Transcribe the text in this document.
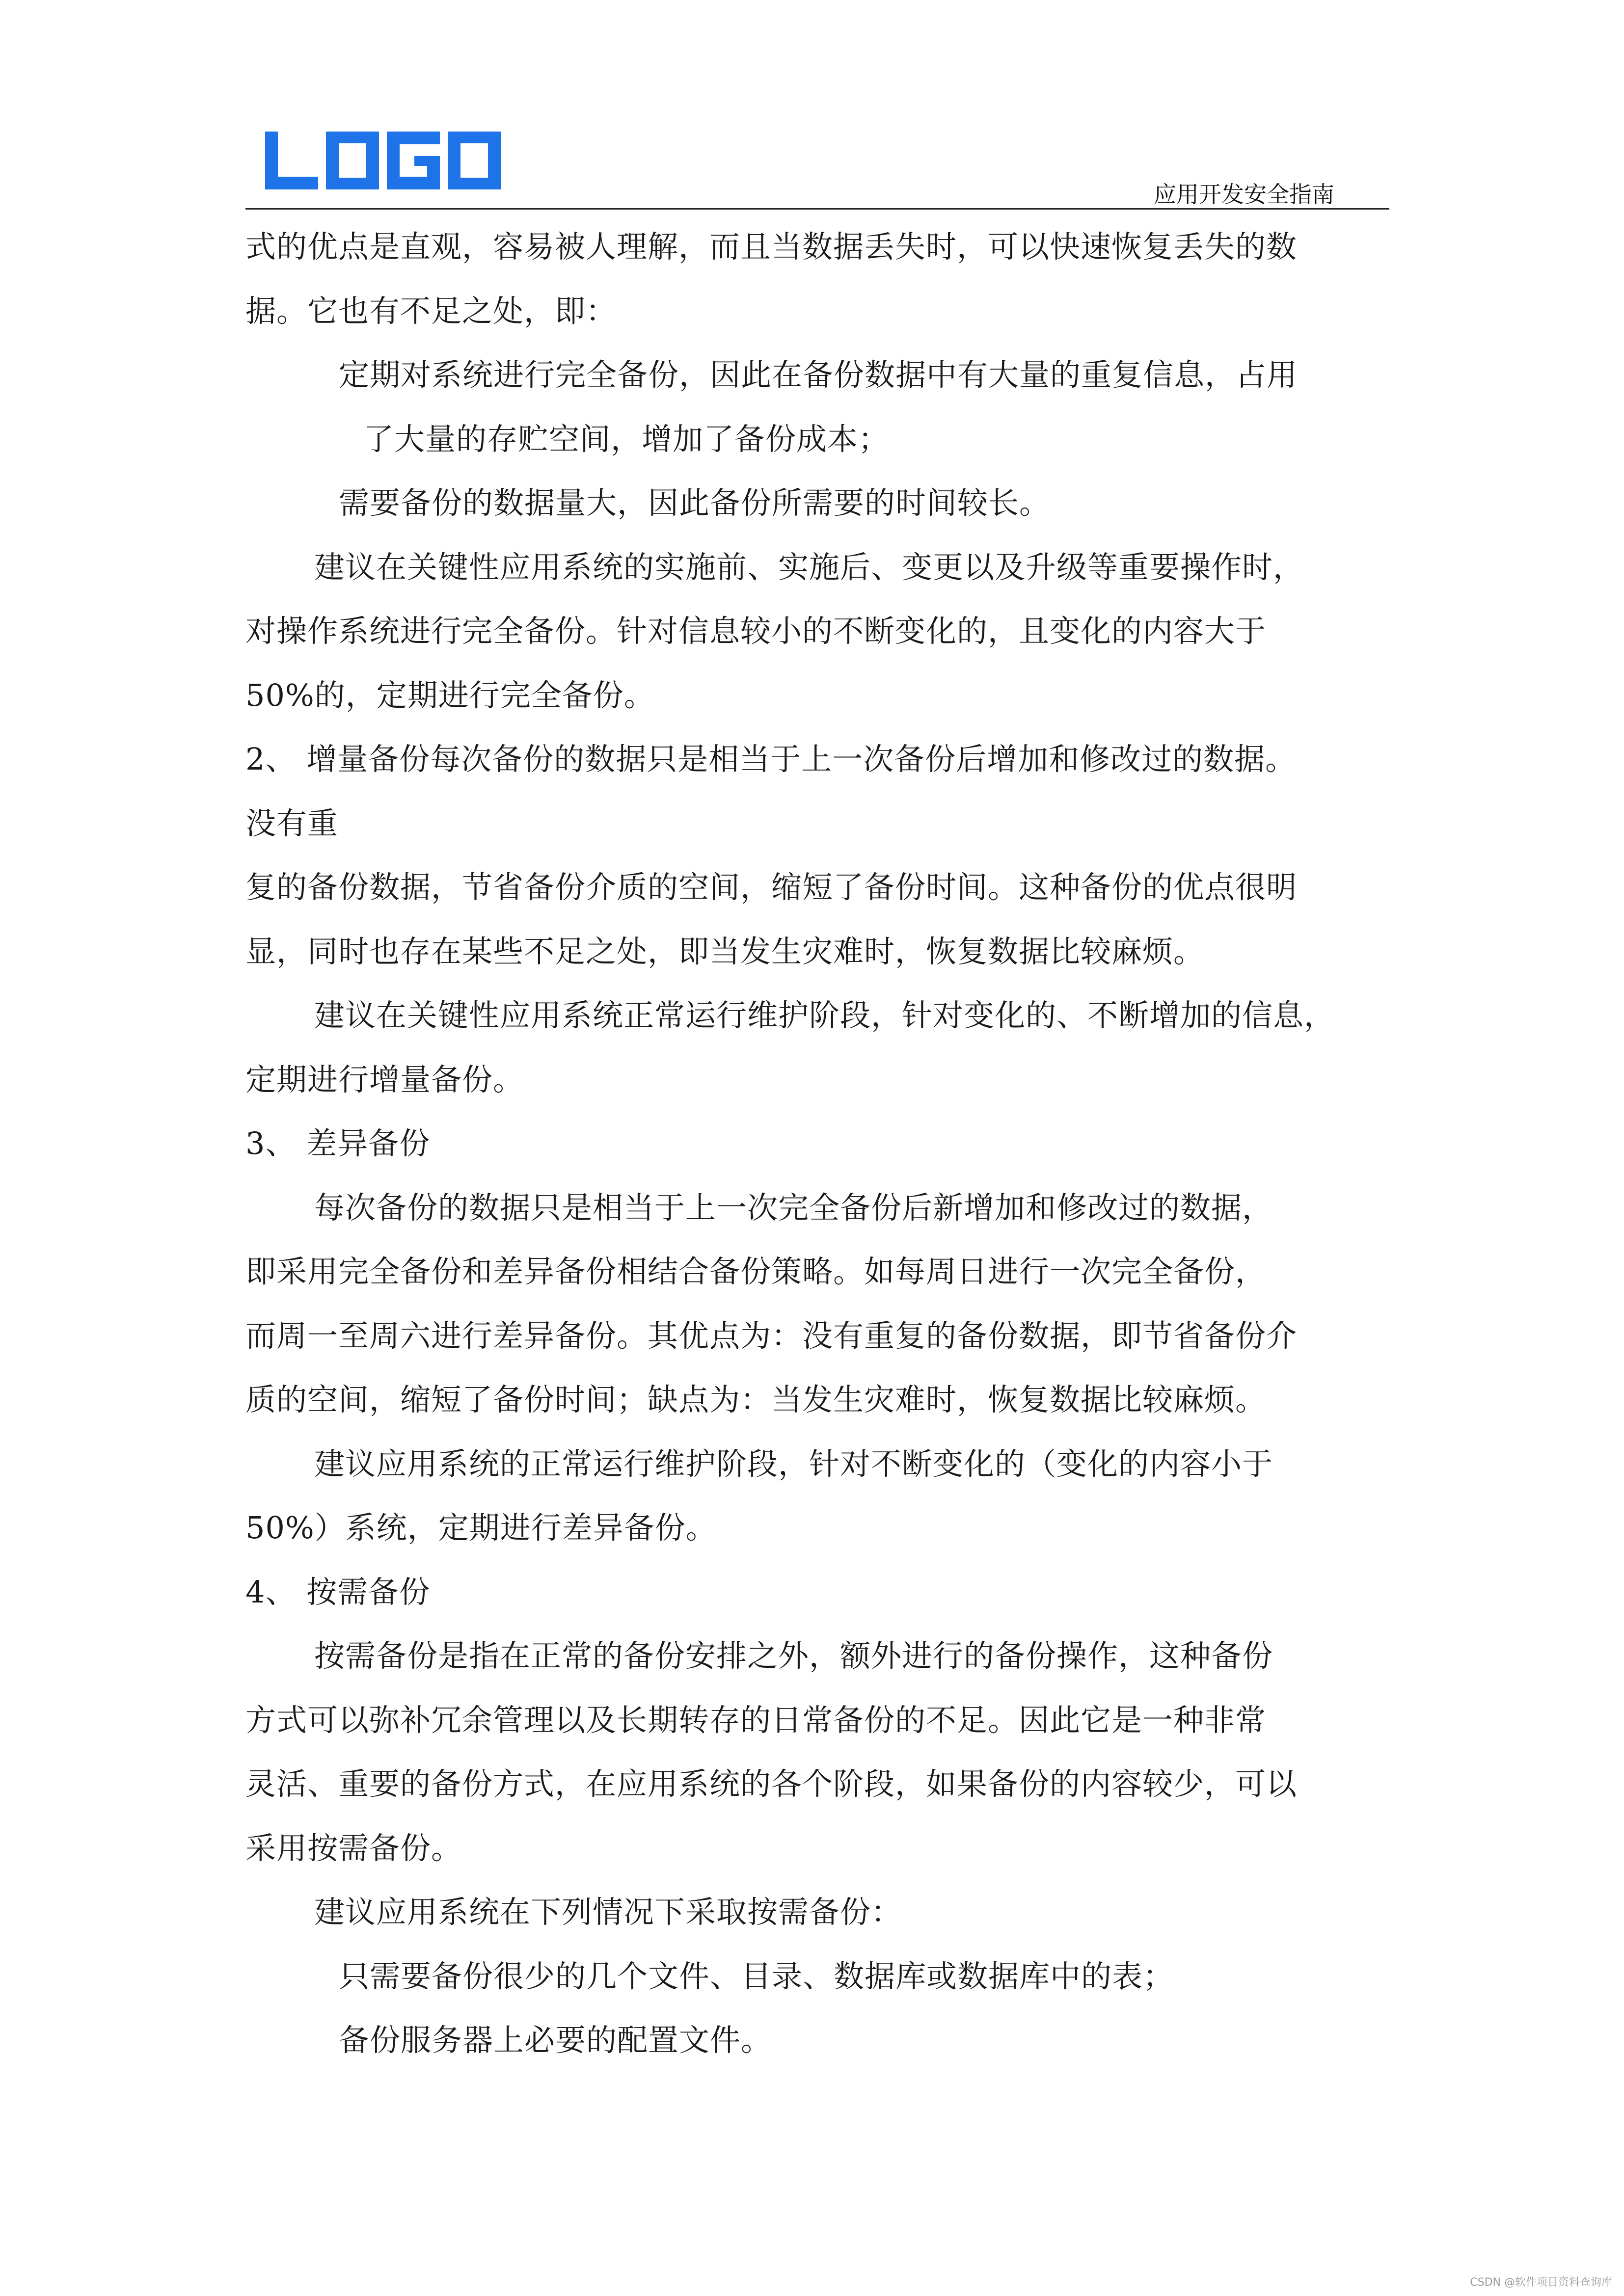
应用开发安全指南
式的优点是直观，容易被人理解，而且当数据丢失时，可以快速恢复丢失的数
据。它也有不足之处，即：
定期对系统进行完全备份，因此在备份数据中有大量的重复信息，占用
了大量的存贮空间，增加了备份成本；
需要备份的数据量大，因此备份所需要的时间较长。
建议在关键性应用系统的实施前、实施后、变更以及升级等重要操作时，
对操作系统进行完全备份。针对信息较小的不断变化的，且变化的内容大于
50%的，定期进行完全备份。
2、 增量备份每次备份的数据只是相当于上一次备份后增加和修改过的数据。
没有重
复的备份数据，节省备份介质的空间，缩短了备份时间。这种备份的优点很明
显，同时也存在某些不足之处，即当发生灾难时，恢复数据比较麻烦。
建议在关键性应用系统正常运行维护阶段，针对变化的、不断增加的信息，
定期进行增量备份。
3、 差异备份
每次备份的数据只是相当于上一次完全备份后新增加和修改过的数据，
即采用完全备份和差异备份相结合备份策略。如每周日进行一次完全备份，
而周一至周六进行差异备份。其优点为：没有重复的备份数据，即节省备份介
质的空间，缩短了备份时间；缺点为：当发生灾难时，恢复数据比较麻烦。
建议应用系统的正常运行维护阶段，针对不断变化的（变化的内容小于
50%）系统，定期进行差异备份。
4、 按需备份
按需备份是指在正常的备份安排之外，额外进行的备份操作，这种备份
方式可以弥补冗余管理以及长期转存的日常备份的不足。因此它是一种非常
灵活、重要的备份方式，在应用系统的各个阶段，如果备份的内容较少，可以
采用按需备份。
建议应用系统在下列情况下采取按需备份：
只需要备份很少的几个文件、目录、数据库或数据库中的表；
备份服务器上必要的配置文件。
CSDN @软件项目资料查询库
